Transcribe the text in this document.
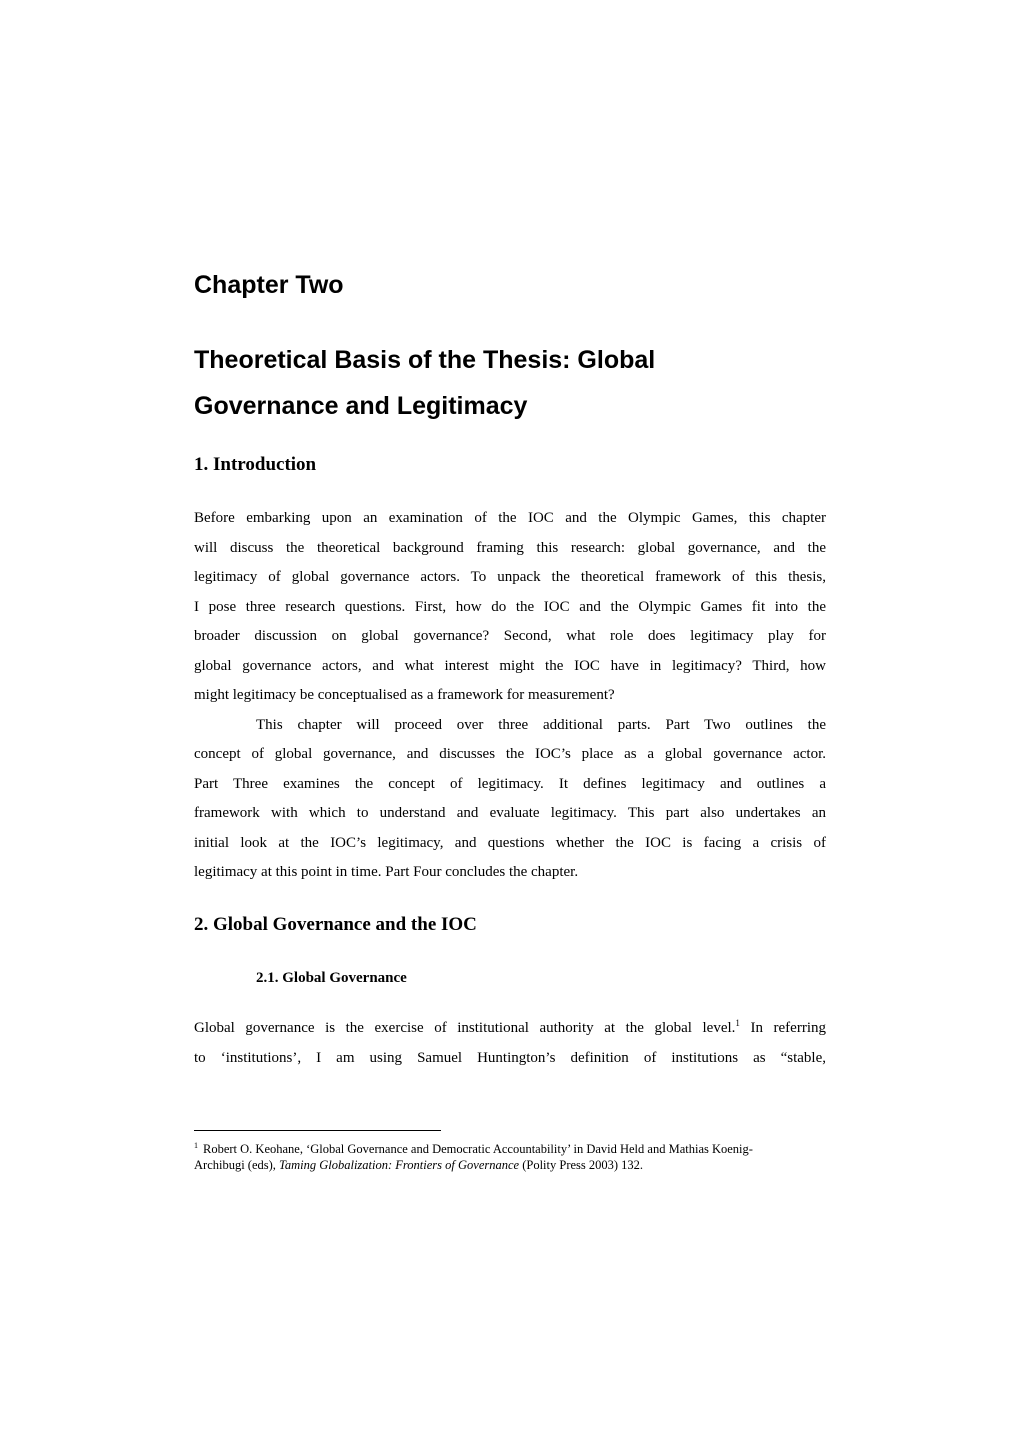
Chapter Two
Theoretical Basis of the Thesis: Global
Governance and Legitimacy
1. Introduction
Before embarking upon an examination of the IOC and the Olympic Games, this chapter
will discuss the theoretical background framing this research: global governance, and the
legitimacy of global governance actors. To unpack the theoretical framework of this thesis,
I pose three research questions. First, how do the IOC and the Olympic Games fit into the
broader discussion on global governance? Second, what role does legitimacy play for
global governance actors, and what interest might the IOC have in legitimacy? Third, how
might legitimacy be conceptualised as a framework for measurement?
This chapter will proceed over three additional parts. Part Two outlines the
concept of global governance, and discusses the IOC’s place as a global governance actor.
Part Three examines the concept of legitimacy. It defines legitimacy and outlines a
framework with which to understand and evaluate legitimacy. This part also undertakes an
initial look at the IOC’s legitimacy, and questions whether the IOC is facing a crisis of
legitimacy at this point in time. Part Four concludes the chapter.
2. Global Governance and the IOC
2.1. Global Governance
Global governance is the exercise of institutional authority at the global level.$^1$ In referring
to ‘institutions’, I am using Samuel Huntington’s definition of institutions as “stable,
$^1$ Robert O. Keohane, ‘Global Governance and Democratic Accountability’ in David Held and Mathias Koenig-
Archibugi (eds), Taming Globalization: Frontiers of Governance (Polity Press 2003) 132.
